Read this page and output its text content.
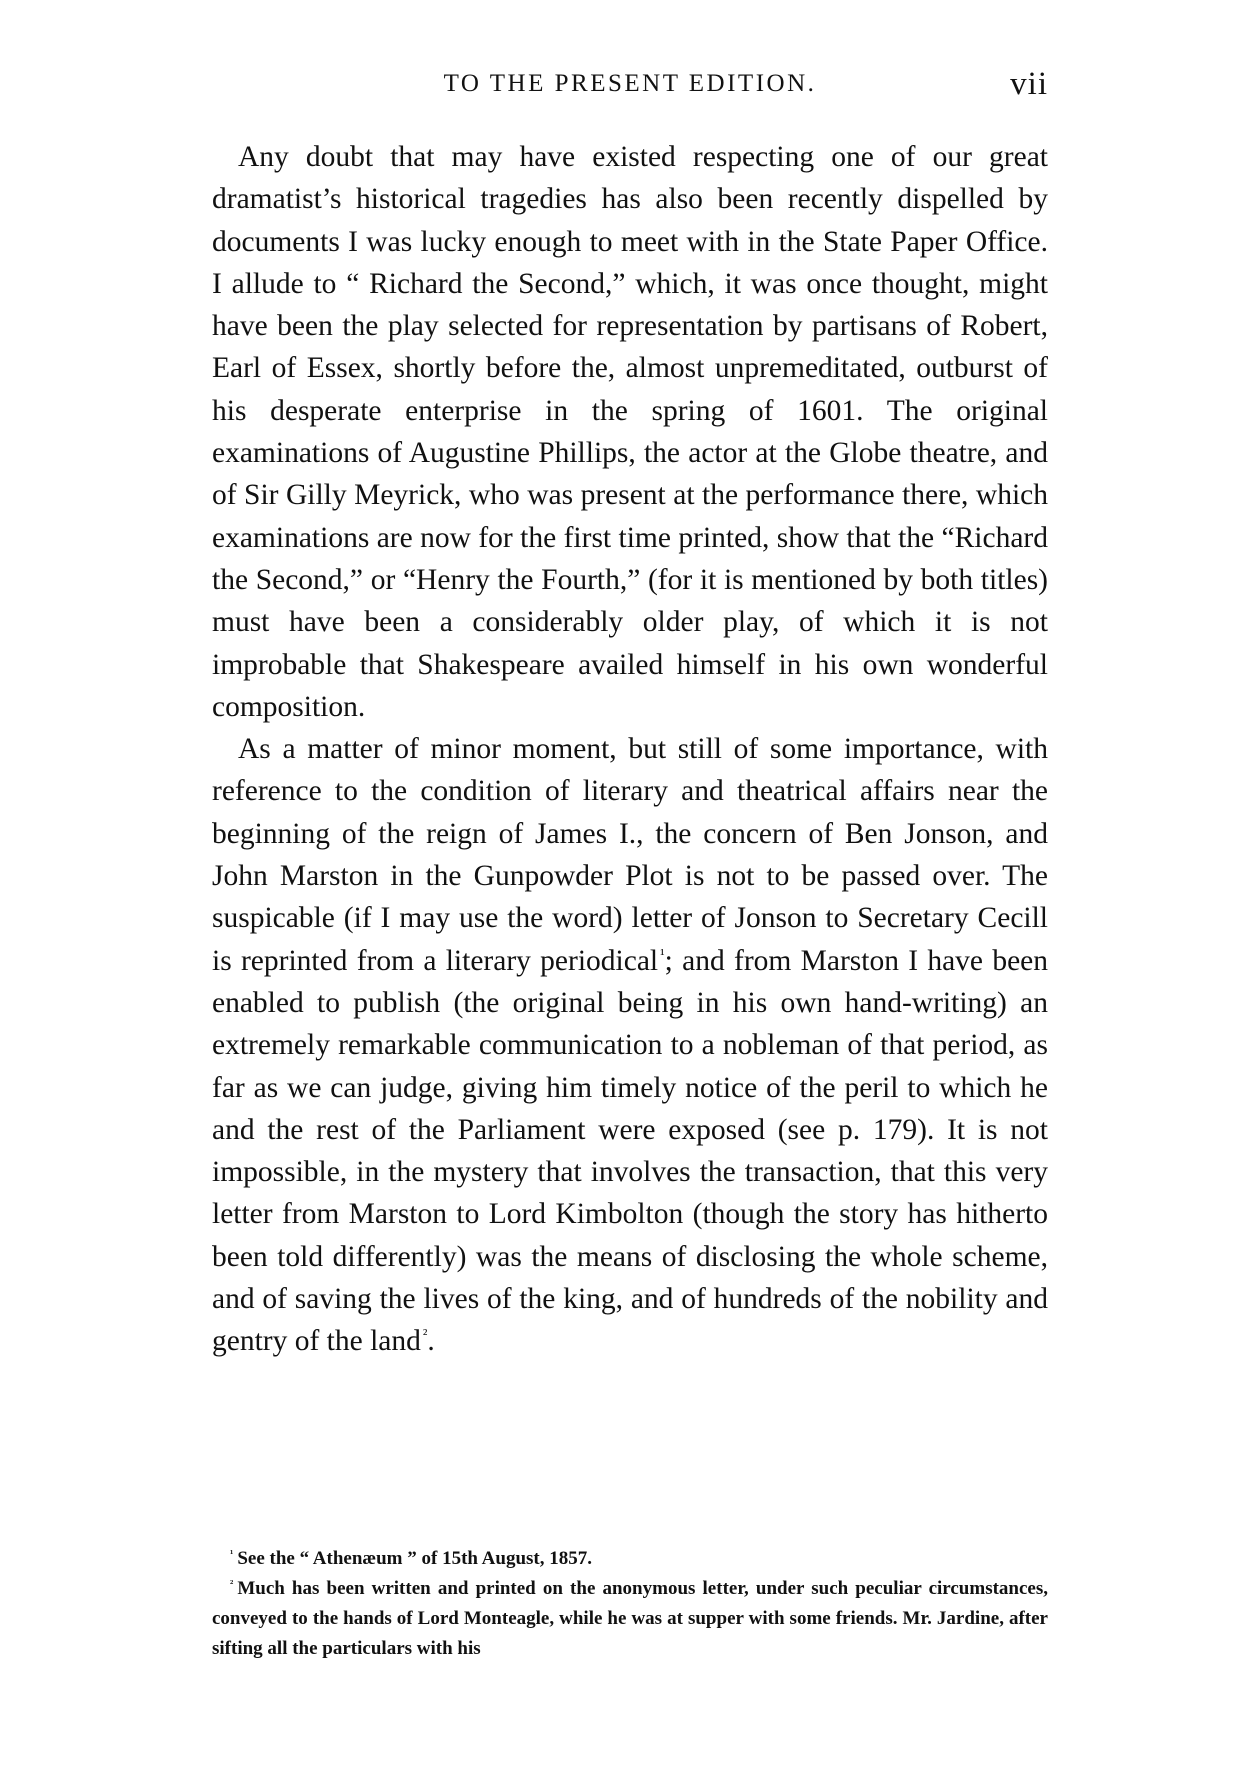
TO THE PRESENT EDITION.	vii

Any doubt that may have existed respecting one of our great dramatist’s historical tragedies has also been recently dispelled by documents I was lucky enough to meet with in the State Paper Office. I allude to “ Richard the Second,” which, it was once thought, might have been the play selected for representation by partisans of Robert, Earl of Essex, shortly before the, almost unpremeditated, outburst of his desperate enterprise in the spring of 1601. The original examinations of Augustine Phillips, the actor at the Globe theatre, and of Sir Gilly Meyrick, who was present at the performance there, which examinations are now for the first time printed, show that the “Richard the Second,” or “Henry the Fourth,” (for it is mentioned by both titles) must have been a considerably older play, of which it is not improbable that Shakespeare availed himself in his own wonderful composition.

As a matter of minor moment, but still of some importance, with reference to the condition of literary and theatrical affairs near the beginning of the reign of James I., the concern of Ben Jonson, and John Marston in the Gunpowder Plot is not to be passed over. The suspicable (if I may use the word) letter of Jonson to Secretary Cecill is reprinted from a literary periodical $^{^1}$; and from Marston I have been enabled to publish (the original being in his own hand-writing) an extremely remarkable communication to a nobleman of that period, as far as we can judge, giving him timely notice of the peril to which he and the rest of the Parliament were exposed (see p. 179). It is not impossible, in the mystery that involves the transaction, that this very letter from Marston to Lord Kimbolton (though the story has hitherto been told differently) was the means of disclosing the whole scheme, and of saving the lives of the king, and of hundreds of the nobility and gentry of the land $^{^2}$.

$^{^1}$ See the “ Athenæum ” of 15th August, 1857.

$^{^2}$ Much has been written and printed on the anonymous letter, under such peculiar circumstances, conveyed to the hands of Lord Monteagle, while he was at supper with some friends. Mr. Jardine, after sifting all the particulars with his
